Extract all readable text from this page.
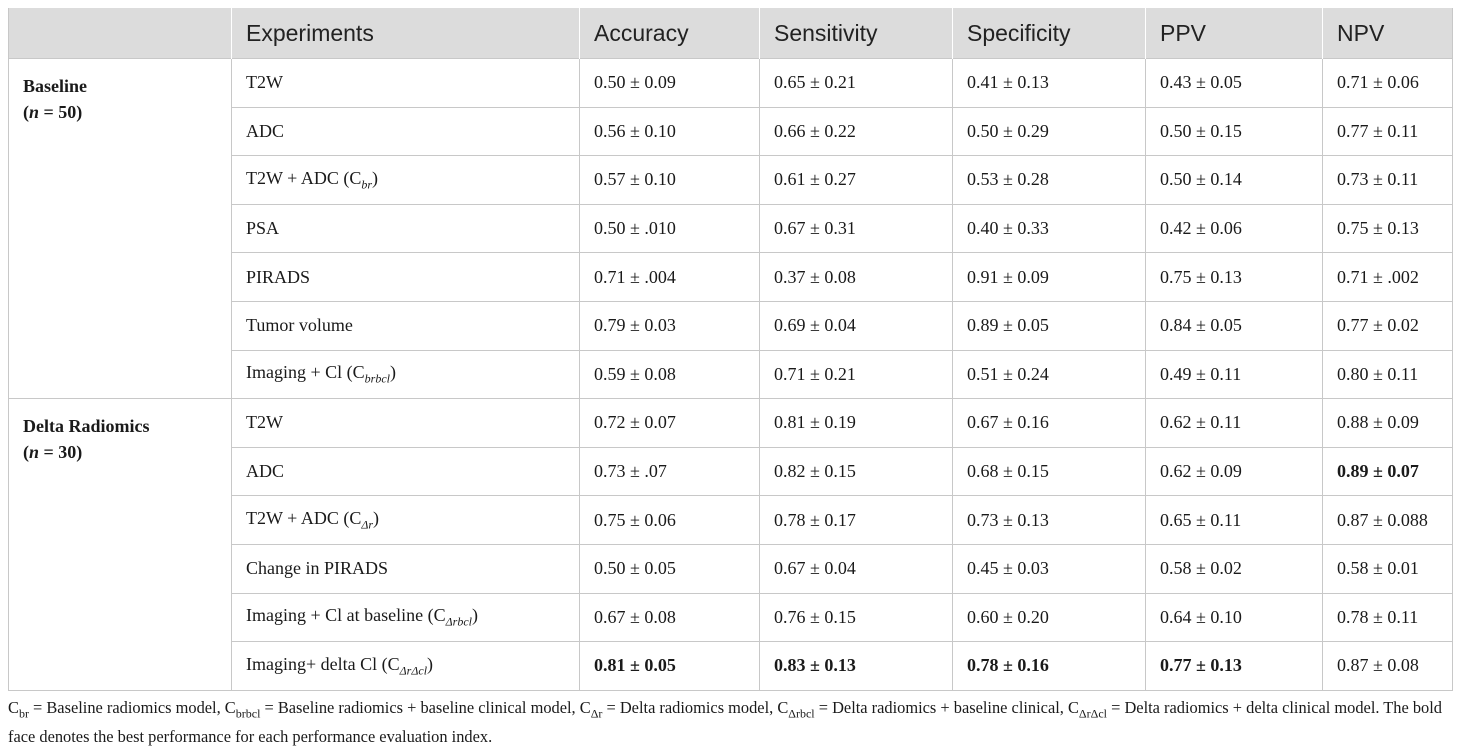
	Experiments	Accuracy	Sensitivity	Specificity	PPV	NPV

Baseline
(n = 50)	T2W	0.50 ± 0.09	0.65 ± 0.21	0.41 ± 0.13	0.43 ± 0.05	0.71 ± 0.06
	ADC	0.56 ± 0.10	0.66 ± 0.22	0.50 ± 0.29	0.50 ± 0.15	0.77 ± 0.11
	T2W + ADC $(C_{br})$	0.57 ± 0.10	0.61 ± 0.27	0.53 ± 0.28	0.50 ± 0.14	0.73 ± 0.11
	PSA	0.50 ± .010	0.67 ± 0.31	0.40 ± 0.33	0.42 ± 0.06	0.75 ± 0.13
	PIRADS	0.71 ± .004	0.37 ± 0.08	0.91 ± 0.09	0.75 ± 0.13	0.71 ± .002
	Tumor volume	0.79 ± 0.03	0.69 ± 0.04	0.89 ± 0.05	0.84 ± 0.05	0.77 ± 0.02
	Imaging + Cl $(C_{brbcl})$	0.59 ± 0.08	0.71 ± 0.21	0.51 ± 0.24	0.49 ± 0.11	0.80 ± 0.11

Delta Radiomics
(n = 30)	T2W	0.72 ± 0.07	0.81 ± 0.19	0.67 ± 0.16	0.62 ± 0.11	0.88 ± 0.09
	ADC	0.73 ± .07	0.82 ± 0.15	0.68 ± 0.15	0.62 ± 0.09	0.89 ± 0.07
	T2W + ADC $(C_{\Delta r})$	0.75 ± 0.06	0.78 ± 0.17	0.73 ± 0.13	0.65 ± 0.11	0.87 ± 0.088
	Change in PIRADS	0.50 ± 0.05	0.67 ± 0.04	0.45 ± 0.03	0.58 ± 0.02	0.58 ± 0.01
	Imaging + Cl at baseline $(C_{\Delta rbcl})$	0.67 ± 0.08	0.76 ± 0.15	0.60 ± 0.20	0.64 ± 0.10	0.78 ± 0.11
	Imaging+ delta Cl $(C_{\Delta r\Delta cl})$	0.81 ± 0.05	0.83 ± 0.13	0.78 ± 0.16	0.77 ± 0.13	0.87 ± 0.08
$C_{br}$ = Baseline radiomics model, $C_{brbcl}$ = Baseline radiomics + baseline clinical model, $C_{\Delta r}$ = Delta radiomics model, $C_{\Delta rbcl}$ = Delta radiomics + baseline clinical, $C_{\Delta r\Delta cl}$ = Delta radiomics + delta clinical model. The bold face denotes the best performance for each performance evaluation index.
